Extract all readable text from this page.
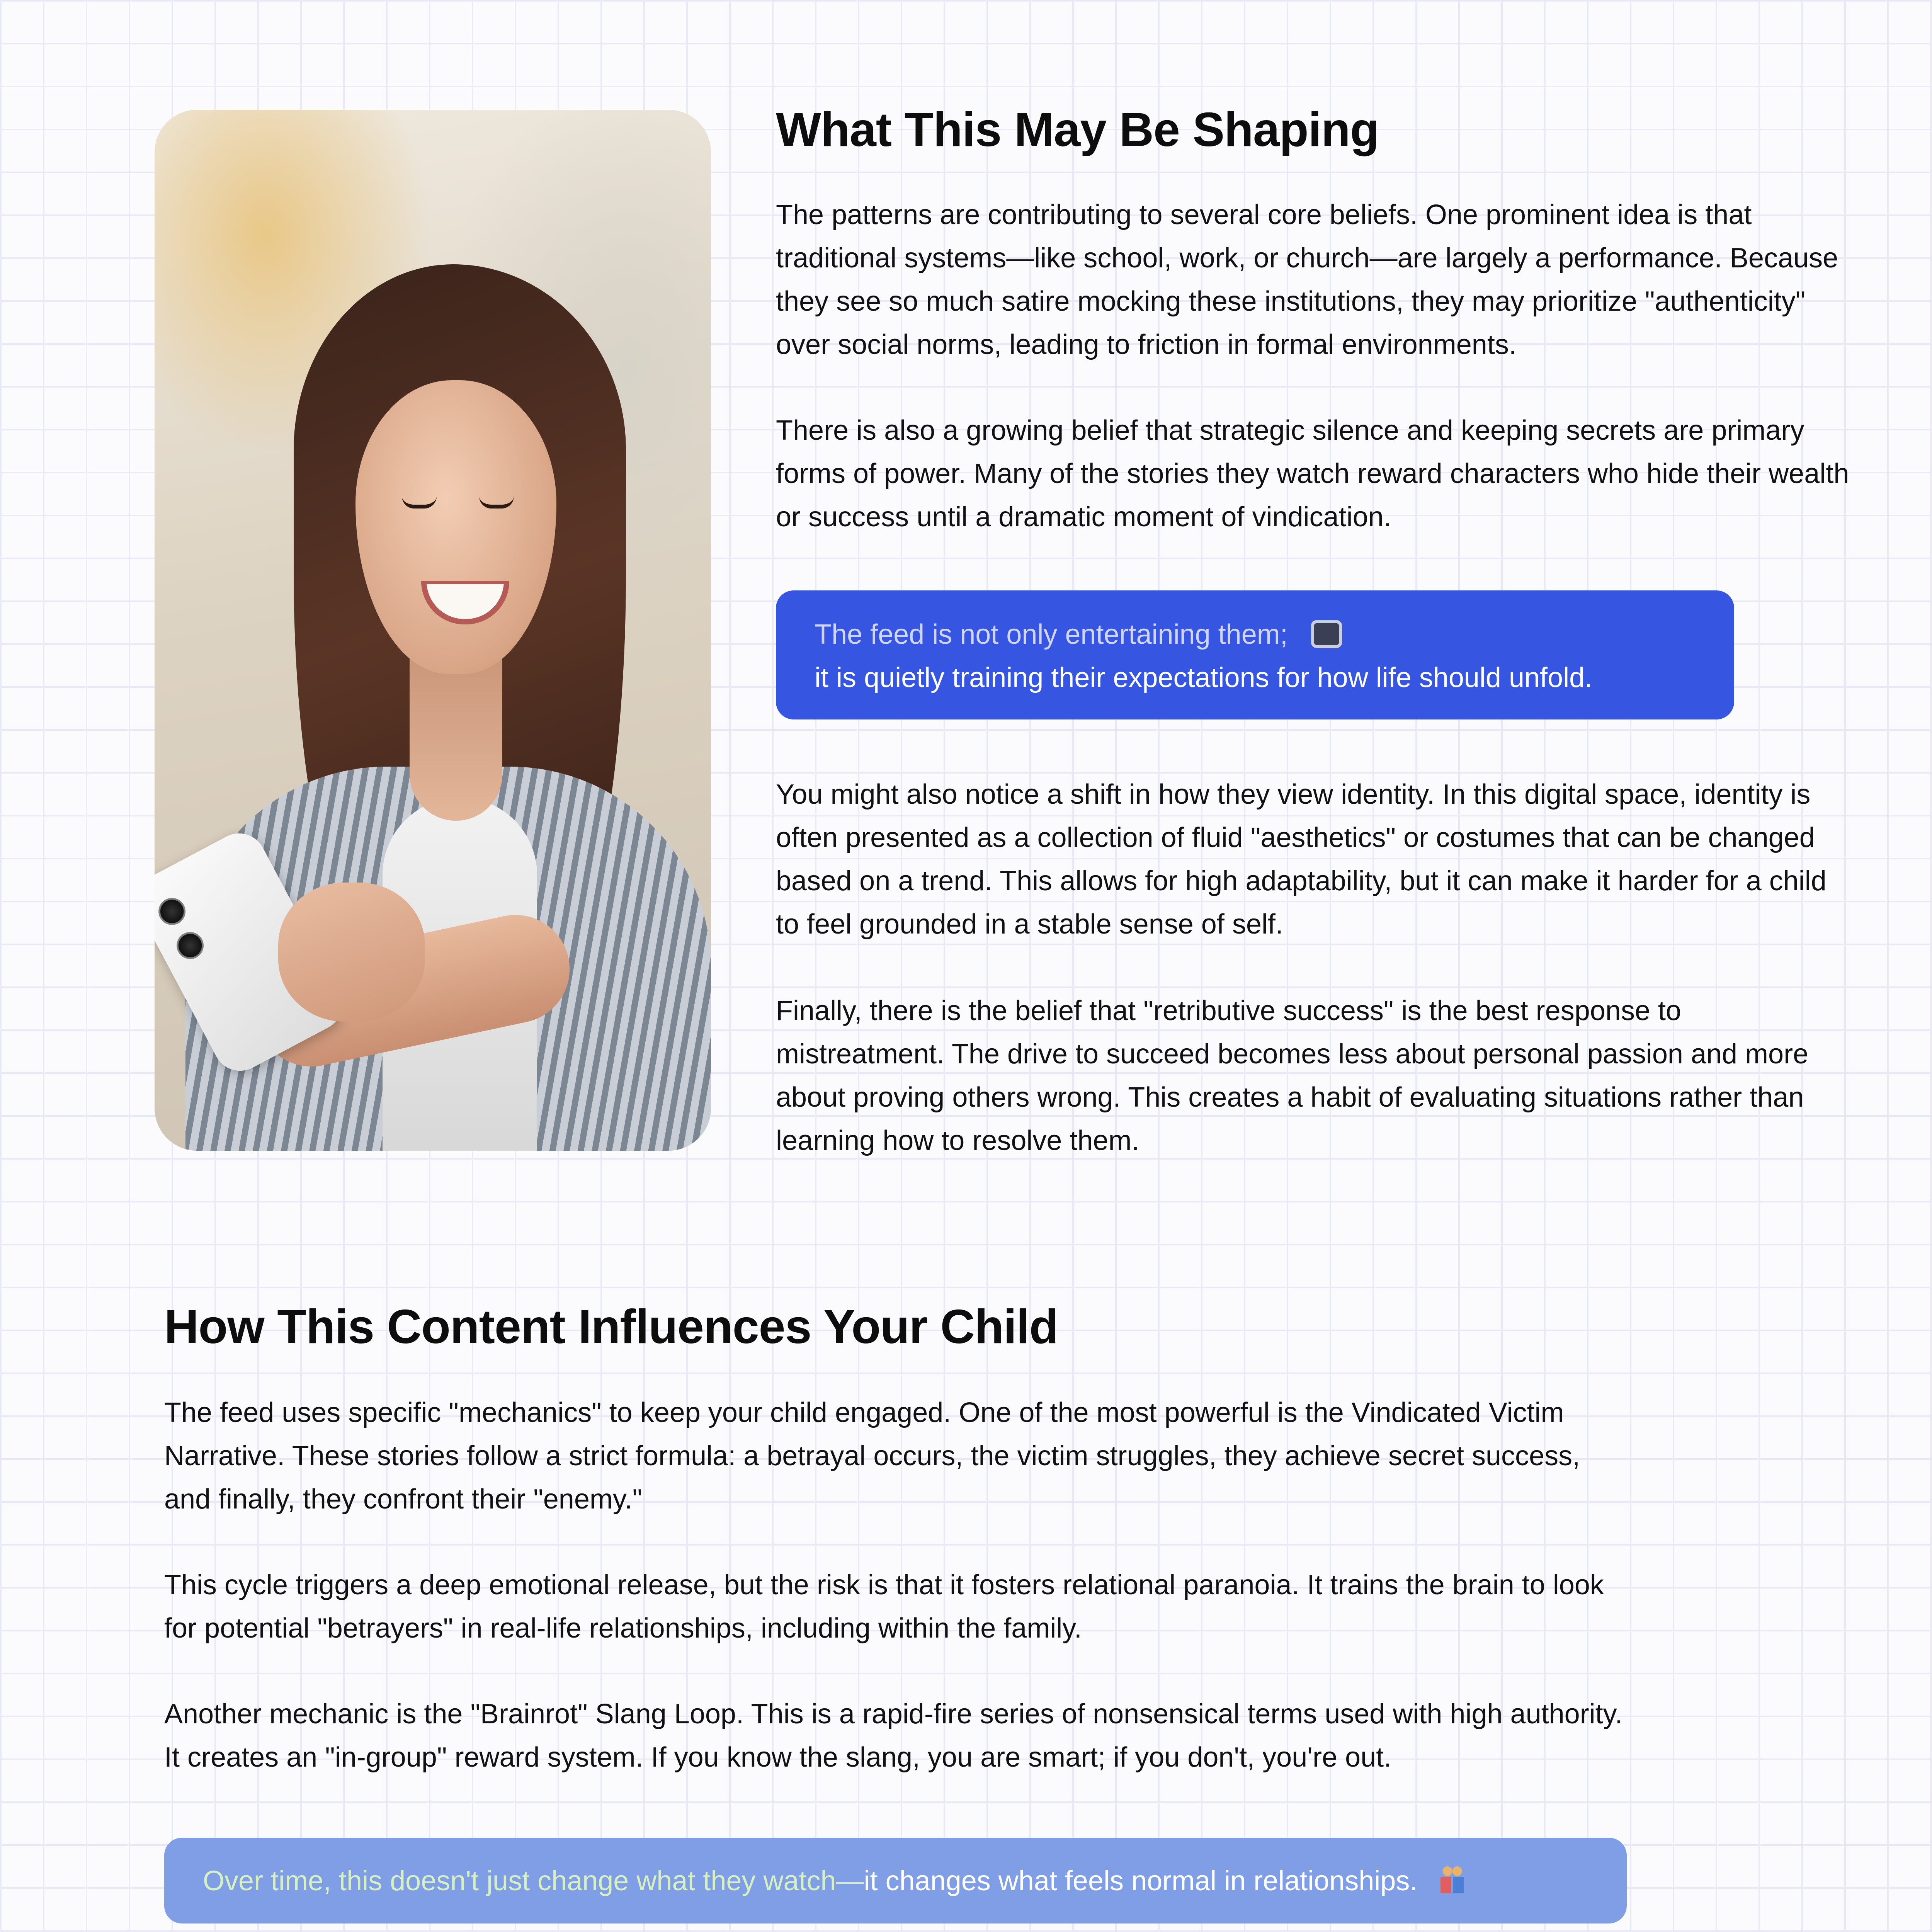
What This May Be Shaping

The patterns are contributing to several core beliefs. One prominent idea is that traditional systems—like school, work, or church—are largely a performance. Because they see so much satire mocking these institutions, they may prioritize "authenticity" over social norms, leading to friction in formal environments.

There is also a growing belief that strategic silence and keeping secrets are primary forms of power. Many of the stories they watch reward characters who hide their wealth or success until a dramatic moment of vindication.

The feed is not only entertaining them;
it is quietly training their expectations for how life should unfold.

You might also notice a shift in how they view identity. In this digital space, identity is often presented as a collection of fluid "aesthetics" or costumes that can be changed based on a trend. This allows for high adaptability, but it can make it harder for a child to feel grounded in a stable sense of self.

Finally, there is the belief that "retributive success" is the best response to mistreatment. The drive to succeed becomes less about personal passion and more about proving others wrong. This creates a habit of evaluating situations rather than learning how to resolve them.

How This Content Influences Your Child

The feed uses specific "mechanics" to keep your child engaged. One of the most powerful is the Vindicated Victim Narrative. These stories follow a strict formula: a betrayal occurs, the victim struggles, they achieve secret success, and finally, they confront their "enemy."

This cycle triggers a deep emotional release, but the risk is that it fosters relational paranoia. It trains the brain to look for potential "betrayers" in real-life relationships, including within the family.

Another mechanic is the "Brainrot" Slang Loop. This is a rapid-fire series of nonsensical terms used with high authority. It creates an "in-group" reward system. If you know the slang, you are smart; if you don't, you're out.

Over time, this doesn't just change what they watch—it changes what feels normal in relationships.
